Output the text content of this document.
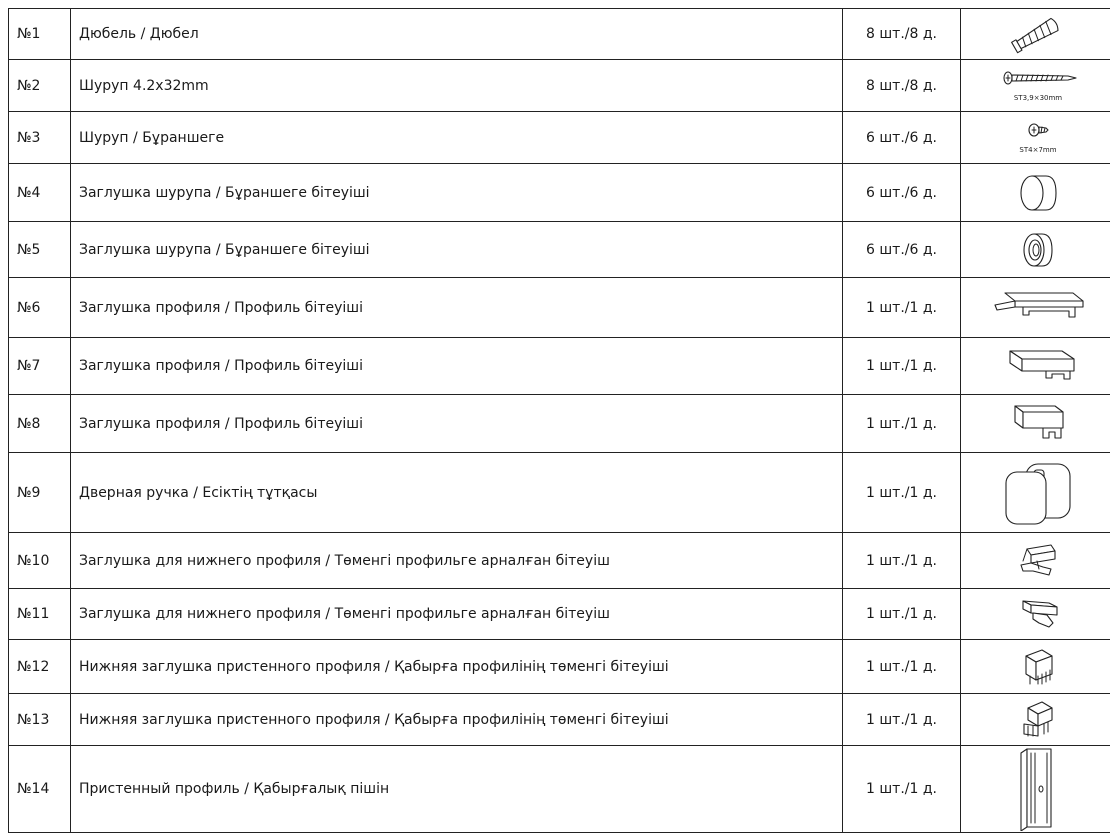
№1	Дюбель / Дюбел	8 шт./8 д.	

№2	Шуруп 4.2х32mm	8 шт./8 д.	ST3,9×30mm

№3	Шуруп / Бұраншеге	6 шт./6 д.	ST4×7mm

№4	Заглушка шурупа / Бұраншеге бітеуіші	6 шт./6 д.	

№5	Заглушка шурупа / Бұраншеге бітеуіші	6 шт./6 д.	

№6	Заглушка профиля / Профиль бітеуіші	1 шт./1 д.	

№7	Заглушка профиля / Профиль бітеуіші	1 шт./1 д.	

№8	Заглушка профиля / Профиль бітеуіші	1 шт./1 д.	

№9	Дверная ручка / Есіктің тұтқасы	1 шт./1 д.	

№10	Заглушка для нижнего профиля / Төменгі профильге арналған бітеуіш	1 шт./1 д.	

№11	Заглушка для нижнего профиля / Төменгі профильге арналған бітеуіш	1 шт./1 д.	

№12	Нижняя заглушка пристенного профиля / Қабырға профилінің төменгі бітеуіші	1 шт./1 д.	

№13	Нижняя заглушка пристенного профиля / Қабырға профилінің төменгі бітеуіші	1 шт./1 д.	

№14	Пристенный профиль / Қабырғалық пішін	1 шт./1 д.	
